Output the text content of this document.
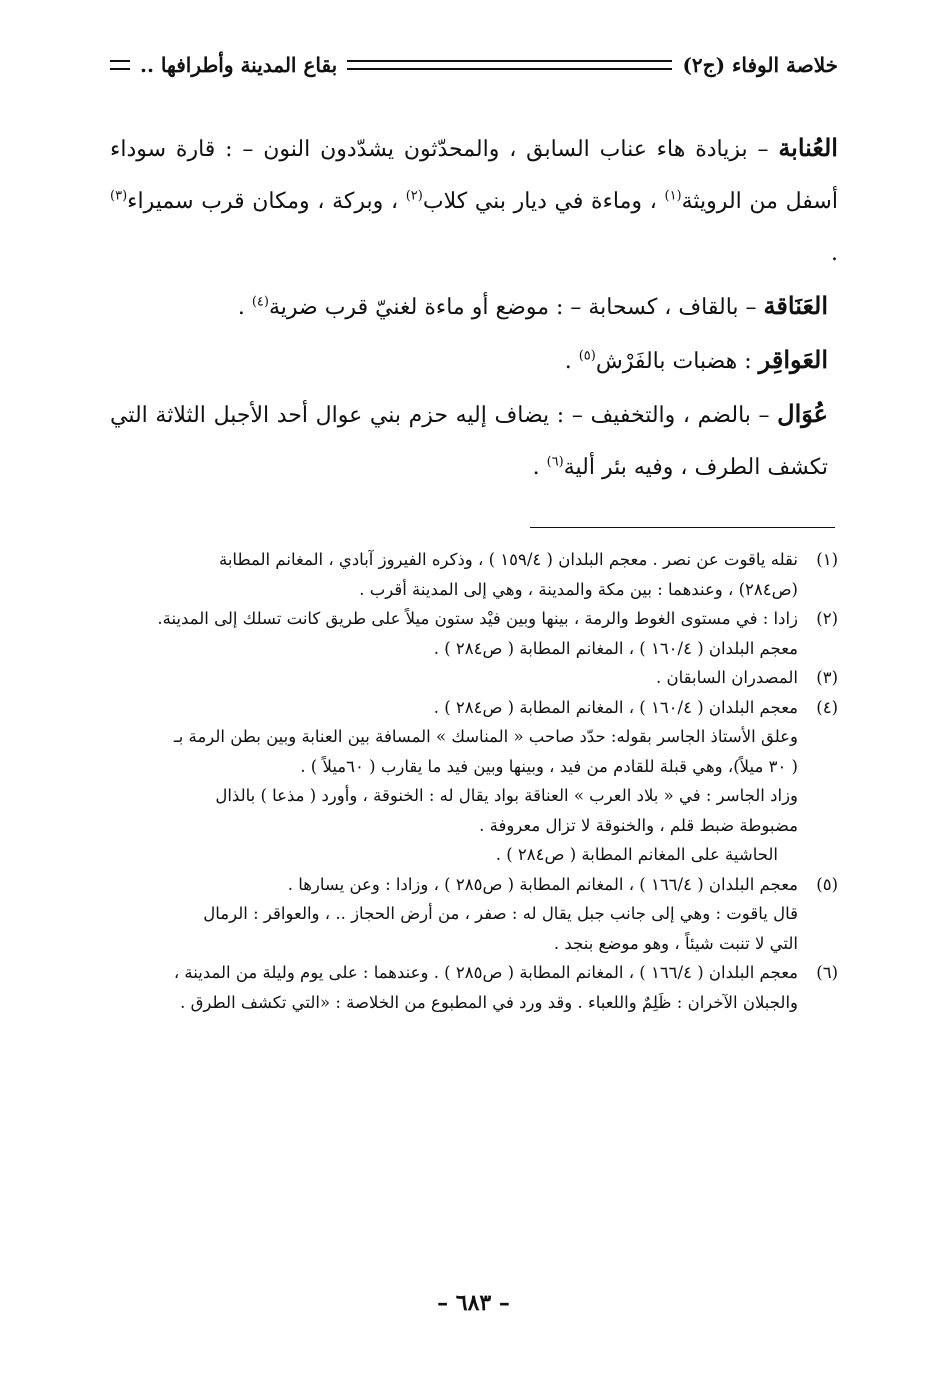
خلاصة الوفاء (ج٢)
بقاع المدينة وأطرافها ..

العُنابة – بزيادة هاء عناب السابق ، والمحدّثون يشدّدون النون – : قارة سوداء أسفل من الرويثة$^{(١)}$ ، وماءة في ديار بني كلاب$^{(٢)}$ ، وبركة ، ومكان قرب سميراء$^{(٣)}$ .

العَنَاقة – بالقاف ، كسحابة – : موضع أو ماءة لغنيّ قرب ضرية$^{(٤)}$ .

العَواقِر : هضبات بالفَرْش$^{(٥)}$ .

عُوَال – بالضم ، والتخفيف – : يضاف إليه حزم بني عوال أحد الأجبل الثلاثة التي تكشف الطرف ، وفيه بئر ألية$^{(٦)}$ .

(١)
نقله ياقوت عن نصر . معجم البلدان ( ١٥٩/٤ ) ، وذكره الفيروز آبادي ، المغانم المطابة
(ص٢٨٤) ، وعندهما : بين مكة والمدينة ، وهي إلى المدينة أقرب .
(٢)
زادا : في مستوى الغوط والرمة ، بينها وبين فيْد ستون ميلاً على طريق كانت تسلك إلى المدينة.
معجم البلدان ( ١٦٠/٤ ) ، المغانم المطابة ( ص٢٨٤ ) .
(٣)
المصدران السابقان .
(٤)
معجم البلدان ( ١٦٠/٤ ) ، المغانم المطابة ( ص٢٨٤ ) .
وعلق الأستاذ الجاسر بقوله: حدّد صاحب « المناسك » المسافة بين العنابة وبين بطن الرمة بـ
( ٣٠ ميلاً)، وهي قبلة للقادم من فيد ، وبينها وبين فيد ما يقارب ( ٦٠ميلاً ) .
وزاد الجاسر : في « بلاد العرب » العناقة بواد يقال له : الخنوقة ، وأورد ( مذعا ) بالذال
مضبوطة ضبط قلم ، والخنوقة لا تزال معروفة .
الحاشية على المغانم المطابة ( ص٢٨٤ ) .
(٥)
معجم البلدان ( ١٦٦/٤ ) ، المغانم المطابة ( ص٢٨٥ ) ، وزادا : وعن يسارها .
قال ياقوت : وهي إلى جانب جبل يقال له : صفر ، من أرض الحجاز .. ، والعواقر : الرمال
التي لا تنبت شيئاً ، وهو موضع بنجد .
(٦)
معجم البلدان ( ١٦٦/٤ ) ، المغانم المطابة ( ص٢٨٥ ) . وعندهما : على يوم وليلة من المدينة ،
والجبلان الآخران : ظَلِمٌ واللعباء . وقد ورد في المطبوع من الخلاصة : «التي تكشف الطرق .
– ٦٨٣ –
